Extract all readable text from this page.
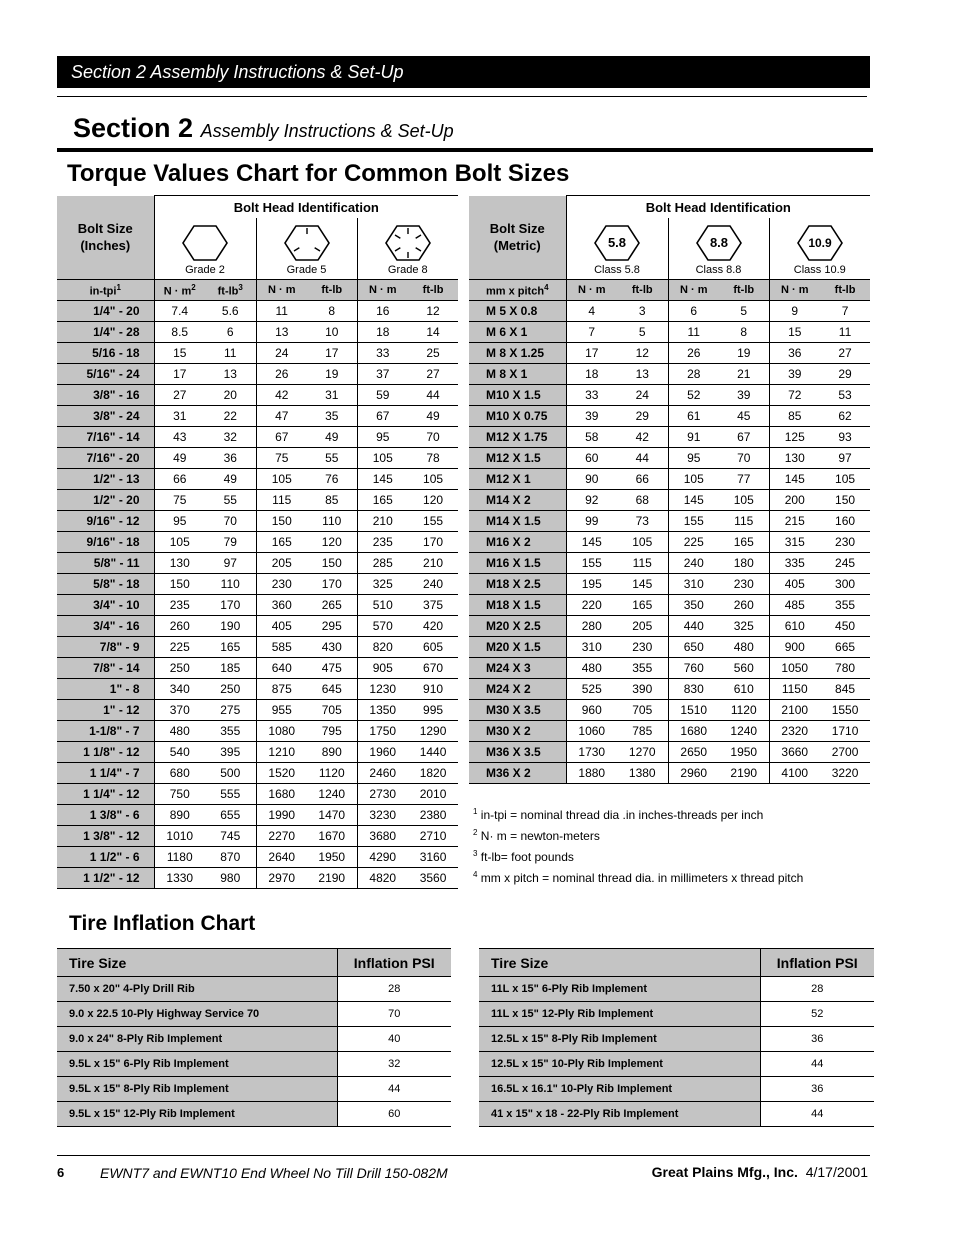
Section 2 Assembly Instructions & Set-Up
Section 2 Assembly Instructions & Set-Up
Torque Values Chart for Common Bolt Sizes
Bolt Size
(Inches)	Bolt Head Identification					

Grade 2		Grade 5		Grade 8	
in-tpi$^1$	$N \cdot m^2$	$ft-lb^3$	N · m	ft-lb	N · m	ft-lb
1/4" - 20	7.4	5.6	11	8	16	12
1/4" - 28	8.5	6	13	10	18	14
5/16 - 18	15	11	24	17	33	25
5/16" - 24	17	13	26	19	37	27
3/8" - 16	27	20	42	31	59	44
3/8" - 24	31	22	47	35	67	49
7/16" - 14	43	32	67	49	95	70
7/16" - 20	49	36	75	55	105	78
1/2" - 13	66	49	105	76	145	105
1/2" - 20	75	55	115	85	165	120
9/16" - 12	95	70	150	110	210	155
9/16" - 18	105	79	165	120	235	170
5/8" - 11	130	97	205	150	285	210
5/8" - 18	150	110	230	170	325	240
3/4" - 10	235	170	360	265	510	375
3/4" - 16	260	190	405	295	570	420
7/8" - 9	225	165	585	430	820	605
7/8" - 14	250	185	640	475	905	670
1" - 8	340	250	875	645	1230	910
1" - 12	370	275	955	705	1350	995
1-1/8" - 7	480	355	1080	795	1750	1290
1 1/8" - 12	540	395	1210	890	1960	1440
1 1/4" - 7	680	500	1520	1120	2460	1820
1 1/4" - 12	750	555	1680	1240	2730	2010
1 3/8" - 6	890	655	1990	1470	3230	2380
1 3/8" - 12	1010	745	2270	1670	3680	2710
1 1/2" - 6	1180	870	2640	1950	4290	3160
1 1/2" - 12	1330	980	2970	2190	4820	3560
Bolt Size
(Metric)	Bolt Head Identification					

5.8
Class 5.8		8.8
Class 8.8		10.9
Class 10.9	
mm x pitch$^4$	N · m	ft-lb	N · m	ft-lb	N · m	ft-lb
M 5 X 0.8	4	3	6	5	9	7
M 6 X 1	7	5	11	8	15	11
M 8 X 1.25	17	12	26	19	36	27
M 8 X 1	18	13	28	21	39	29
M10 X 1.5	33	24	52	39	72	53
M10 X 0.75	39	29	61	45	85	62
M12 X 1.75	58	42	91	67	125	93
M12 X 1.5	60	44	95	70	130	97
M12 X 1	90	66	105	77	145	105
M14 X 2	92	68	145	105	200	150
M14 X 1.5	99	73	155	115	215	160
M16 X 2	145	105	225	165	315	230
M16 X 1.5	155	115	240	180	335	245
M18 X 2.5	195	145	310	230	405	300
M18 X 1.5	220	165	350	260	485	355
M20 X 2.5	280	205	440	325	610	450
M20 X 1.5	310	230	650	480	900	665
M24 X 3	480	355	760	560	1050	780
M24 X 2	525	390	830	610	1150	845
M30 X 3.5	960	705	1510	1120	2100	1550
M30 X 2	1060	785	1680	1240	2320	1710
M36 X 3.5	1730	1270	2650	1950	3660	2700
M36 X 2	1880	1380	2960	2190	4100	3220
$^1$ in-tpi = nominal thread dia .in inches-threads per inch
$^2$ N· m = newton-meters
$^3$ ft-lb= foot pounds
$^4$ mm x pitch = nominal thread dia. in millimeters x thread pitch
Tire Inflation Chart
Tire Size	Inflation PSI
7.50 x 20" 4-Ply Drill Rib	28
9.0 x 22.5 10-Ply Highway Service 70	70
9.0 x 24" 8-Ply Rib Implement	40
9.5L x 15" 6-Ply Rib Implement	32
9.5L x 15" 8-Ply Rib Implement	44
9.5L x 15" 12-Ply Rib Implement	60
Tire Size	Inflation PSI
11L x 15" 6-Ply Rib Implement	28
11L x 15" 12-Ply Rib Implement	52
12.5L x 15" 8-Ply Rib Implement	36
12.5L x 15" 10-Ply Rib Implement	44
16.5L x 16.1" 10-Ply Rib Implement	36
41 x 15" x 18 - 22-Ply Rib Implement	44
6	EWNT7 and EWNT10 End Wheel No Till Drill 150-082M	Great Plains Mfg., Inc. 4/17/2001
